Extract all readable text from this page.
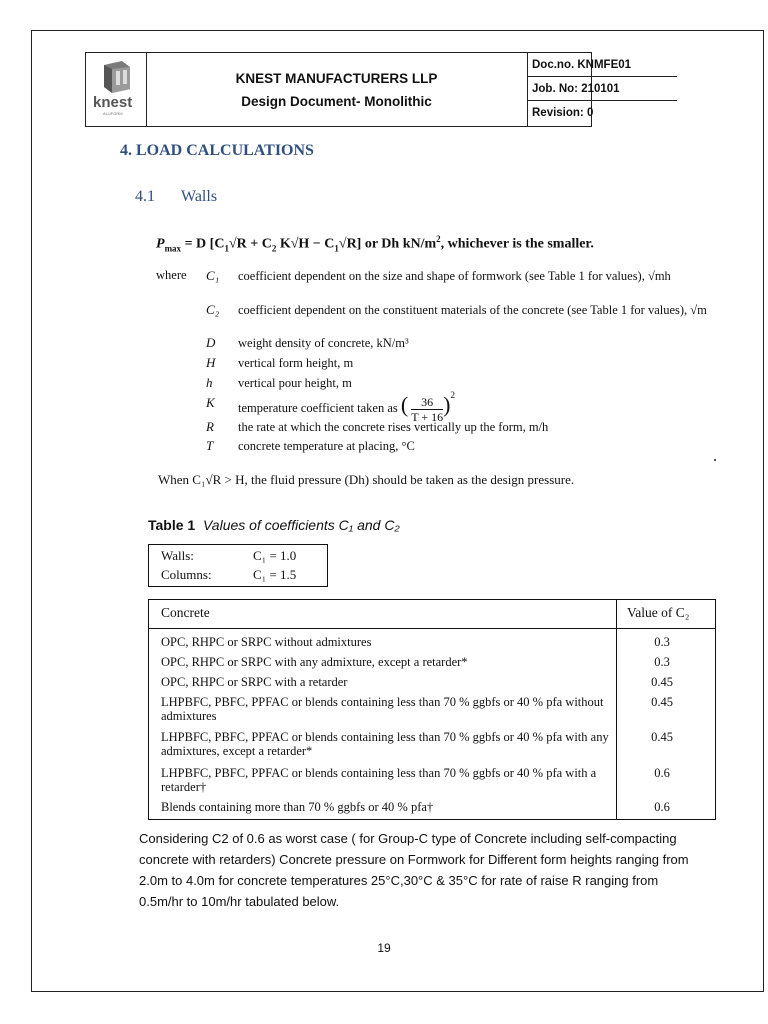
knest
ALUFORM
KNEST MANUFACTURERS LLP
Design Document- Monolithic
Doc.no. KNMFE01
Job. No: 210101
Revision: 0
4. LOAD CALCULATIONS
4.1 Walls
$P_{max} = D$ [$C_1√R + C_2$ $K√H - C_1√R$] or Dh $kN/m^2$, whichever is the smaller.
where C₁ coefficient dependent on the size and shape of formwork (see Table 1 for values), √mh
C₂ coefficient dependent on the constituent materials of the concrete (see Table 1 for values), √m
D weight density of concrete, kN/m³
H vertical form height, m
h vertical pour height, m
K temperature coefficient taken as ( $\frac{36}{T + 16} )^2$
R the rate at which the concrete rises vertically up the form, m/h
T concrete temperature at placing, °C
When C₁√R > H, the fluid pressure (Dh) should be taken as the design pressure.
Table 1 Values of coefficients C₁ and C₂
Walls:	C₁ = 1.0
Columns:	C₁ = 1.5
Concrete	Value of C₂
OPC, RHPC or SRPC without admixtures	0.3
OPC, RHPC or SRPC with any admixture, except a retarder*	0.3
OPC, RHPC or SRPC with a retarder	0.45
LHPBFC, PBFC, PPFAC or blends containing less than 70 % ggbfs or 40 % pfa without admixtures
0.45
LHPBFC, PBFC, PPFAC or blends containing less than 70 % ggbfs or 40 % pfa with any admixtures, except a retarder*
0.45
LHPBFC, PBFC, PPFAC or blends containing less than 70 % ggbfs or 40 % pfa with a retarder†
0.6
Blends containing more than 70 % ggbfs or 40 % pfa†	0.6
Considering C2 of 0.6 as worst case ( for Group-C type of Concrete including self-compacting concrete with retarders) Concrete pressure on Formwork for Different form heights ranging from 2.0m to 4.0m for concrete temperatures 25°C,30°C & 35°C for rate of raise R ranging from 0.5m/hr to 10m/hr tabulated below.
19
